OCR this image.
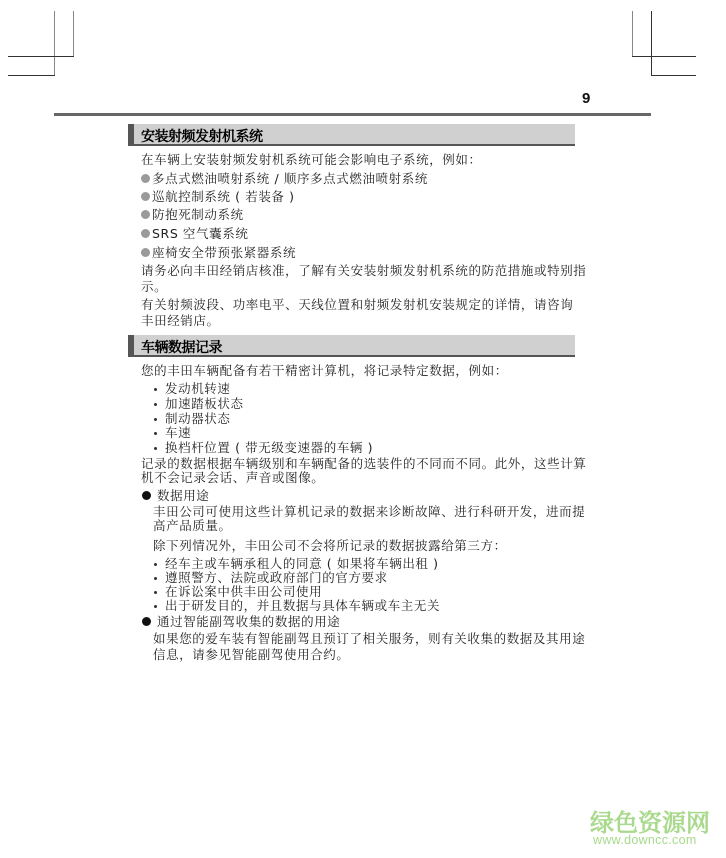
9
安装射频发射机系统
在车辆上安装射频发射机系统可能会影响电子系统，例如：
多点式燃油喷射系统 / 顺序多点式燃油喷射系统
巡航控制系统 ( 若装备 )
防抱死制动系统
SRS 空气囊系统
座椅安全带预张紧器系统
请务必向丰田经销店核准，了解有关安装射频发射机系统的防范措施或特别指
示。
有关射频波段、功率电平、天线位置和射频发射机安装规定的详情，请咨询
丰田经销店。
车辆数据记录
您的丰田车辆配备有若干精密计算机，将记录特定数据，例如：
发动机转速
加速踏板状态
制动器状态
车速
换档杆位置 ( 带无级变速器的车辆 )
记录的数据根据车辆级别和车辆配备的选装件的不同而不同。此外，这些计算
机不会记录会话、声音或图像。
数据用途
丰田公司可使用这些计算机记录的数据来诊断故障、进行科研开发，进而提
高产品质量。
除下列情况外，丰田公司不会将所记录的数据披露给第三方：
经车主或车辆承租人的同意 ( 如果将车辆出租 )
遵照警方、法院或政府部门的官方要求
在诉讼案中供丰田公司使用
出于研发目的，并且数据与具体车辆或车主无关
通过智能副驾收集的数据的用途
如果您的爱车装有智能副驾且预订了相关服务，则有关收集的数据及其用途
信息，请参见智能副驾使用合约。
绿色资源网
www.downcc.com
